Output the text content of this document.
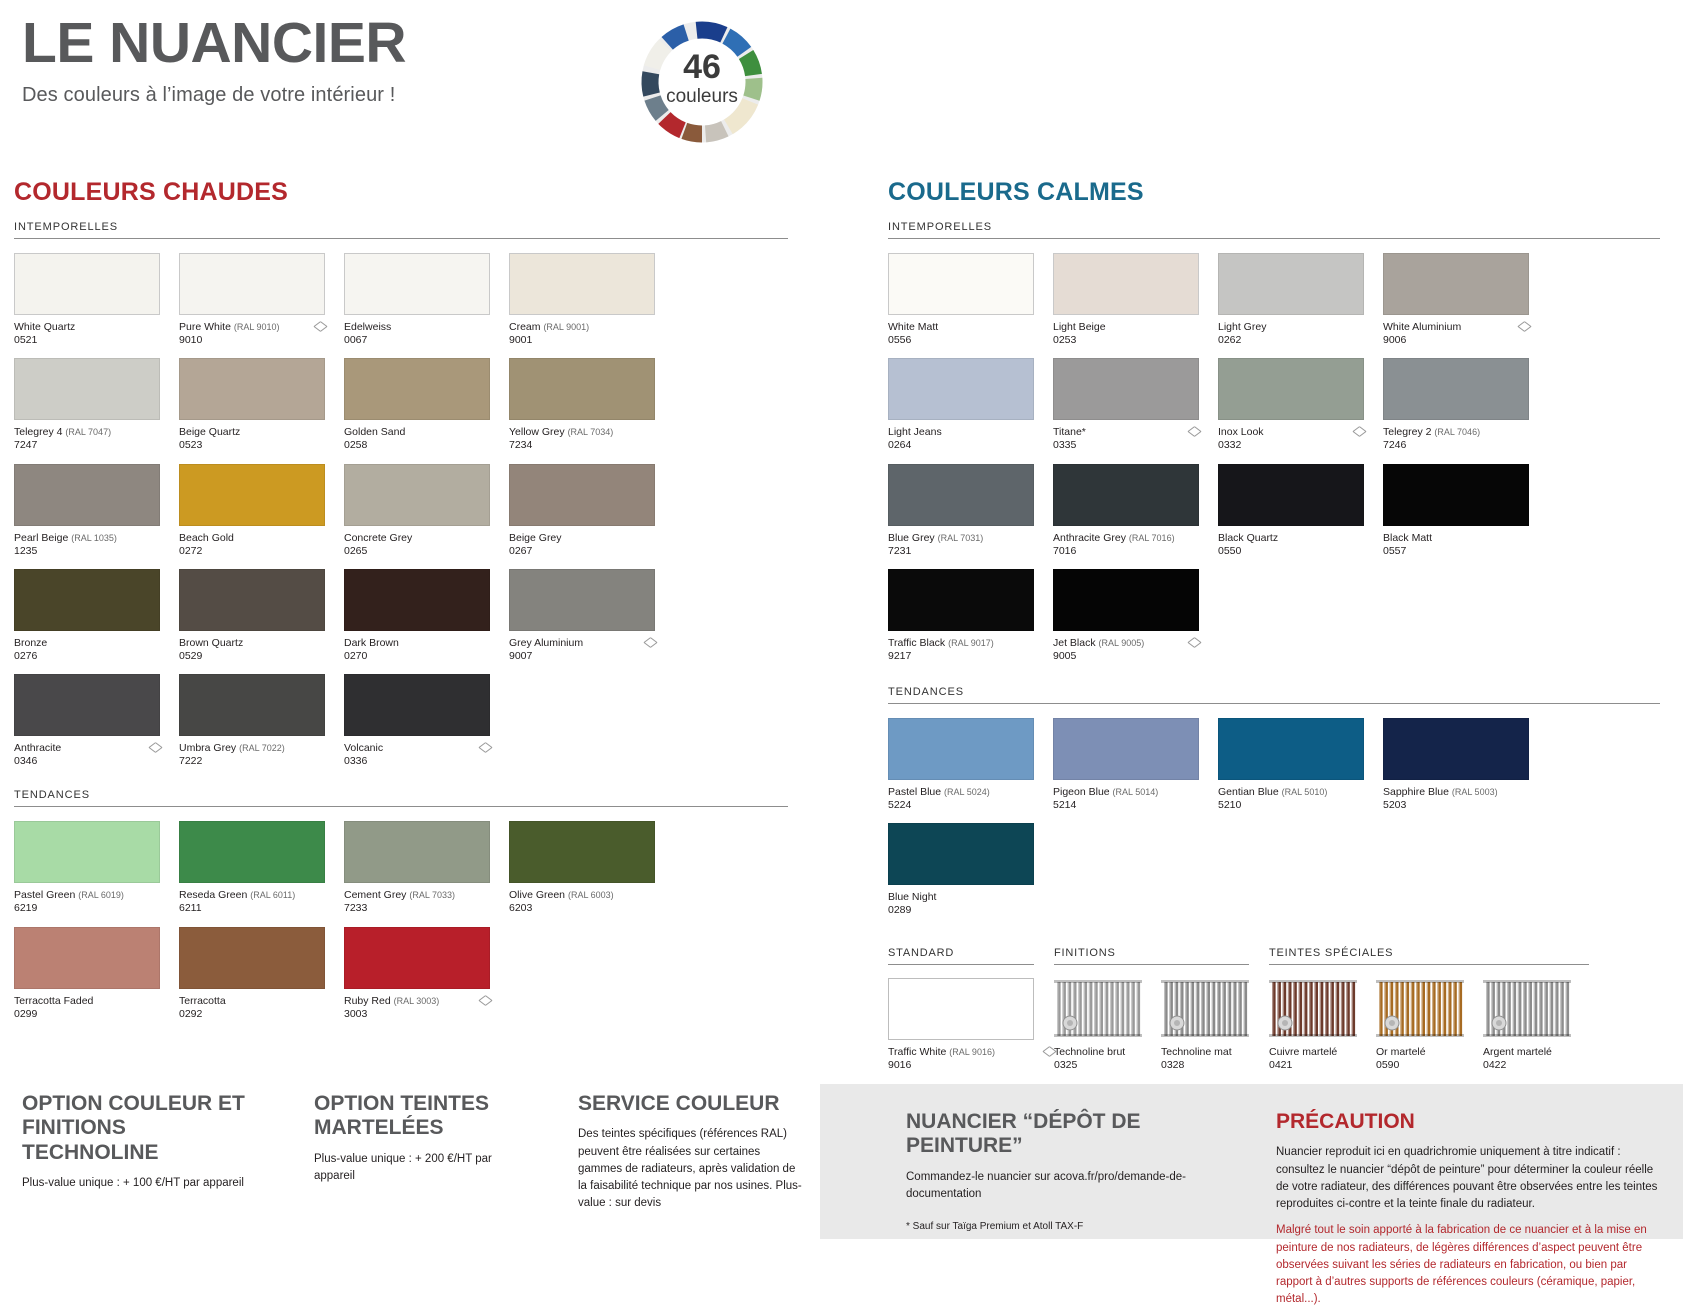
LE NUANCIER
Des couleurs à l’image de votre intérieur !
46
couleurs
COULEURS CHAUDES
INTEMPORELLES
White Quartz
0521
Pure White (RAL 9010)
9010
Edelweiss
0067
Cream (RAL 9001)
9001
Telegrey 4 (RAL 7047)
7247
Beige Quartz
0523
Golden Sand
0258
Yellow Grey (RAL 7034)
7234
Pearl Beige (RAL 1035)
1235
Beach Gold
0272
Concrete Grey
0265
Beige Grey
0267
Bronze
0276
Brown Quartz
0529
Dark Brown
0270
Grey Aluminium
9007
Anthracite
0346
Umbra Grey (RAL 7022)
7222
Volcanic
0336
TENDANCES
Pastel Green (RAL 6019)
6219
Reseda Green (RAL 6011)
6211
Cement Grey (RAL 7033)
7233
Olive Green (RAL 6003)
6203
Terracotta Faded
0299
Terracotta
0292
Ruby Red (RAL 3003)
3003
COULEURS CALMES
INTEMPORELLES
White Matt
0556
Light Beige
0253
Light Grey
0262
White Aluminium
9006
Light Jeans
0264
Titane*
0335
Inox Look
0332
Telegrey 2 (RAL 7046)
7246
Blue Grey (RAL 7031)
7231
Anthracite Grey (RAL 7016)
7016
Black Quartz
0550
Black Matt
0557
Traffic Black (RAL 9017)
9217
Jet Black (RAL 9005)
9005
TENDANCES
Pastel Blue (RAL 5024)
5224
Pigeon Blue (RAL 5014)
5214
Gentian Blue (RAL 5010)
5210
Sapphire Blue (RAL 5003)
5203
Blue Night
0289
STANDARD
Traffic White (RAL 9016)
9016
FINITIONS
Technoline brut
0325
Technoline mat
0328
TEINTES SPÉCIALES
Cuivre martelé
0421
Or martelé
0590
Argent martelé
0422

NUANCIER “DÉPÔT DE PEINTURE”
Commandez-le nuancier sur acova.fr/pro/demande-de-documentation
* Sauf sur Taïga Premium et Atoll TAX-F
PRÉCAUTION
Nuancier reproduit ici en quadrichromie uniquement à titre indicatif : consultez le nuancier “dépôt de peinture” pour déterminer la couleur réelle de votre radiateur, des différences pouvant être observées entre les teintes reproduites ci-contre et la teinte finale du radiateur.
Malgré tout le soin apporté à la fabrication de ce nuancier et à la mise en peinture de nos radiateurs, de légères différences d’aspect peuvent être observées suivant les séries de radiateurs en fabrication, ou bien par rapport à d’autres supports de références couleurs (céramique, papier, métal...).
OPTION COULEUR ET FINITIONS TECHNOLINE
Plus-value unique : + 100 €/HT par appareil
OPTION TEINTES MARTELÉES
Plus-value unique : + 200 €/HT par appareil
SERVICE COULEUR
Des teintes spécifiques (références RAL) peuvent être réalisées sur certaines gammes de radiateurs, après validation de la faisabilité technique par nos usines. Plus-value : sur devis
